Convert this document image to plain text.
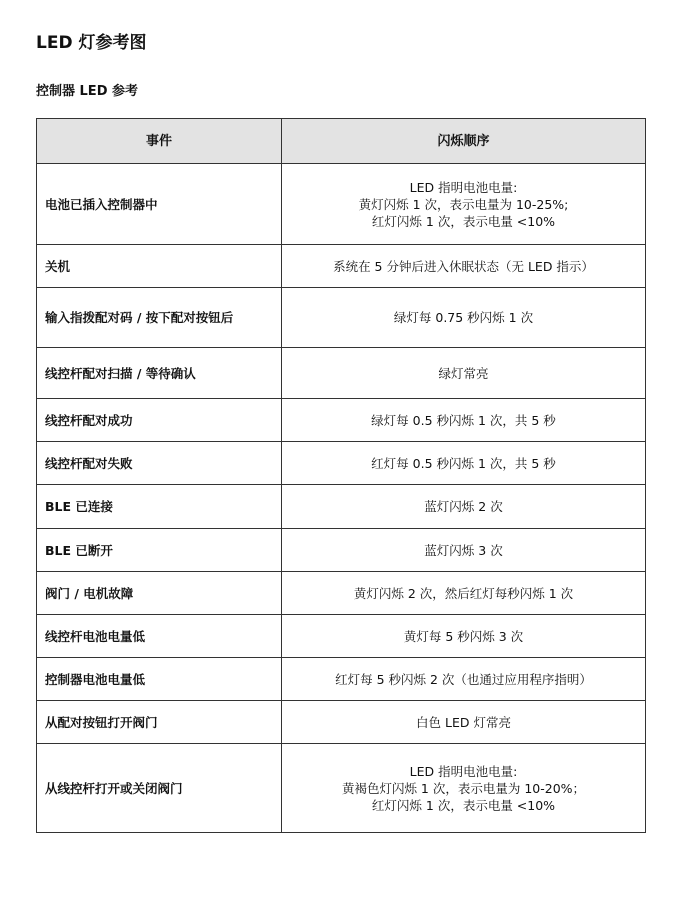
LED 灯参考图
控制器 LED 参考
事件	闪烁顺序
电池已插入控制器中	LED 指明电池电量:
黄灯闪烁 1 次，表示电量为 10-25%;
红灯闪烁 1 次，表示电量 <10%
关机	系统在 5 分钟后进入休眠状态（无 LED 指示）
输入指拨配对码 / 按下配对按钮后	绿灯每 0.75 秒闪烁 1 次
线控杆配对扫描 / 等待确认	绿灯常亮
线控杆配对成功	绿灯每 0.5 秒闪烁 1 次，共 5 秒
线控杆配对失败	红灯每 0.5 秒闪烁 1 次，共 5 秒
BLE 已连接	蓝灯闪烁 2 次
BLE 已断开	蓝灯闪烁 3 次
阀门 / 电机故障	黄灯闪烁 2 次，然后红灯每秒闪烁 1 次
线控杆电池电量低	黄灯每 5 秒闪烁 3 次
控制器电池电量低	红灯每 5 秒闪烁 2 次（也通过应用程序指明）
从配对按钮打开阀门	白色 LED 灯常亮
从线控杆打开或关闭阀门	LED 指明电池电量:
黄褐色灯闪烁 1 次，表示电量为 10-20%；
红灯闪烁 1 次，表示电量 <10%
